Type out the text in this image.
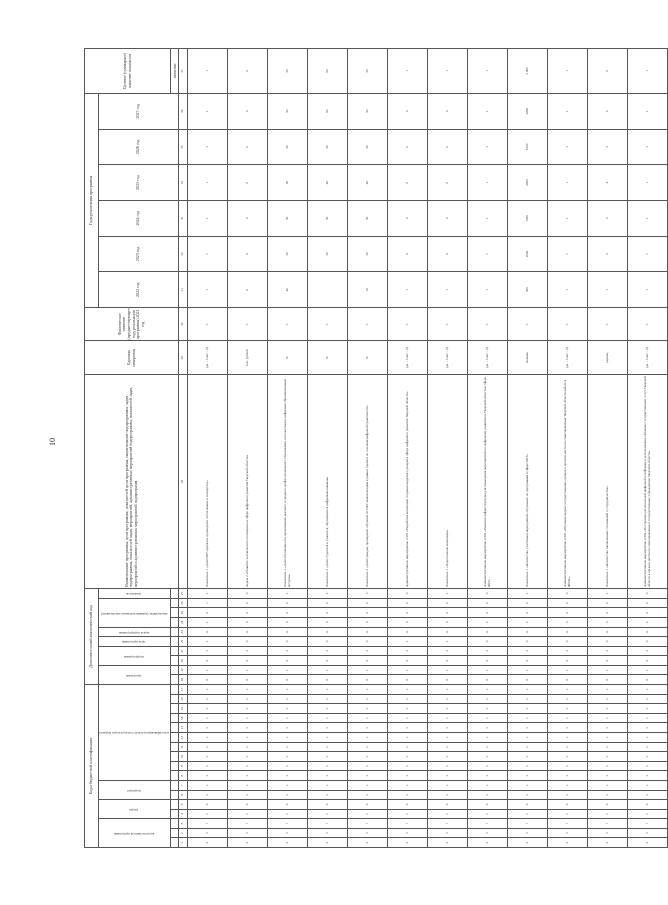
10
Коды бюджетной классификации																	Дополнительный аналитический код										Наименование программы, цели программы, показателей цели программы, наименование подпрограммы, задач подпрограммы, показателей задач, мероприятий, административных мероприятий подпрограммы, показателей задач, мероприятий и административных мероприятий подпрограмм	Единица измерения	Фактическое значение (предшествующее году реализации программы) 2021 год	Годы реализации программы						Целевое (суммарное) значение показателя
код исполнителя программы			раздел		подраздел		классификация целевой статьи расходов бюджета										программа		подпрограмма		цель программы	задача подпрограммы	мероприятие (административное мероприятие)			показатель				2022 год	2023 год	2024 год	2025 год	2026 год	2027 год	
																																				значение
1	2	3	4	5	6	7	8	9	10	11	12	13	14	15	16	17	18	19	20	21	22	23	24	25	26	27	28	29	30	31	32	33	34	35	36	37
3	3	7	1	0	x	x	x	x	x	x	x	x	x	x	x	x	0	1	0	1	1	0	1	0	1	1	Показатель 1 «Доля ИКТ-проектов, прошедших согласование и экспертизу»	(да – 1/нет – 0)	x	1	1	1	1	1	1	1
3	3	7	1	0	x	x	x	x	x	x	x	x	x	x	x	x	0	1	0	2	0	0	0	0	0	0	Задача 2 «Развитие человеческого потенциала в сфере цифрового развития Тверской области»	тыс. рублей	x	0	0	0	0	0	0	0
3	3	7	1	0	x	x	x	x	x	x	x	x	x	x	x	x	0	1	0	2	0	0	0	0	0	1	Показатель 1 «Доля обучающихся в организациях высшего и среднего профессионального образования, использующих цифровые образовательные ресурсы»	%	x	40	20	30	50	50	50	50
3	3	7	1	0	x	x	x	x	x	x	x	x	x	x	x	x	0	1	0	2	0	0	0	0	0	2	Показатель 2 «Доля студентов и учащихся, обучающихся цифровым навыкам»	%	x		20	30	40	50	60	60
3	3	7	1	0	x	x	x	x	x	x	x	x	x	x	x	x	0	1	0	2	0	0	0	0	0	3	Показатель 3 «Доля граждан, прошедших обучение по ИКТ-компетенциям в рамках проекта по основам цифровой грамотности»	%	x	10	20	30	40	50	50	50
3	3	7	1	0	x	x	x	x	x	x	x	x	x	x	x	x	0	1	0	2	1	0	0	0	0	0	Административное мероприятие 2.001 «Разработка концепции создания кадрового резерва в сфере цифрового развития Тверской области»	(да – 1/нет – 0)	x	1	0	0	0	0	0	1
3	3	7	1	0	x	x	x	x	x	x	x	x	x	x	x	x	0	1	0	2	1	0	0	0	0	1	Показатель 1 «Подготовлена концепция»	(да – 1/нет – 0)	x	1	0	0	0	0	0	1
3	3	7	1	0	x	x	x	x	x	x	x	x	x	x	x	x	0	1	0	2	0	0	2	0	0	0	Административное мероприятие 2.002 «Развитие инфраструктуры для проведения мероприятий по цифровому развитию в Тверской области в сфере ИКТ»	(да – 1/нет – 0)	x	1	1	1	1	1	1	1
3	3	7	1	0	x	x	x	x	x	x	x	x	x	x	x	x	0	1	0	2	0	0	2	0	0	1	Показатель 1 «Количество участников мероприятий, обученных по программам в сфере ИКТ»	человек	x	500	1000	1500	2000	2500	3000	3 000
3	3	7	1	0	x	x	x	x	x	x	x	x	x	x	x	x	0	1	0	2	0	0	3	0	0	0	Административное мероприятие 2.003 «Обучение кадров государственных органов и органов местного самоуправления Тверской области работе в ФГИС»	(да – 1/нет – 0)	x	1	1	1	1	1	1	1
3	3	7	1	0	x	x	x	x	x	x	x	x	x	x	x	x	0	1	0	2	0	0	3	0	0	1	Показатель 1 «Количество заключенных соглашений о сотрудничестве»	единиц	x	1	2	3	4	5	6	6
3	3	7	1	0	x	x	x	x	x	x	x	x	x	x	x	x	0	1	0	2	0	0	4	0	0	0	Административное мероприятие 2.004 «Построение региональной цифровой платформы и использование облачных государственных услуг Тверской области в органах местного самоуправления и государственных учреждениях Тверской области»	(да – 1/нет – 0)	x	1	1	1	1	1	1	1
